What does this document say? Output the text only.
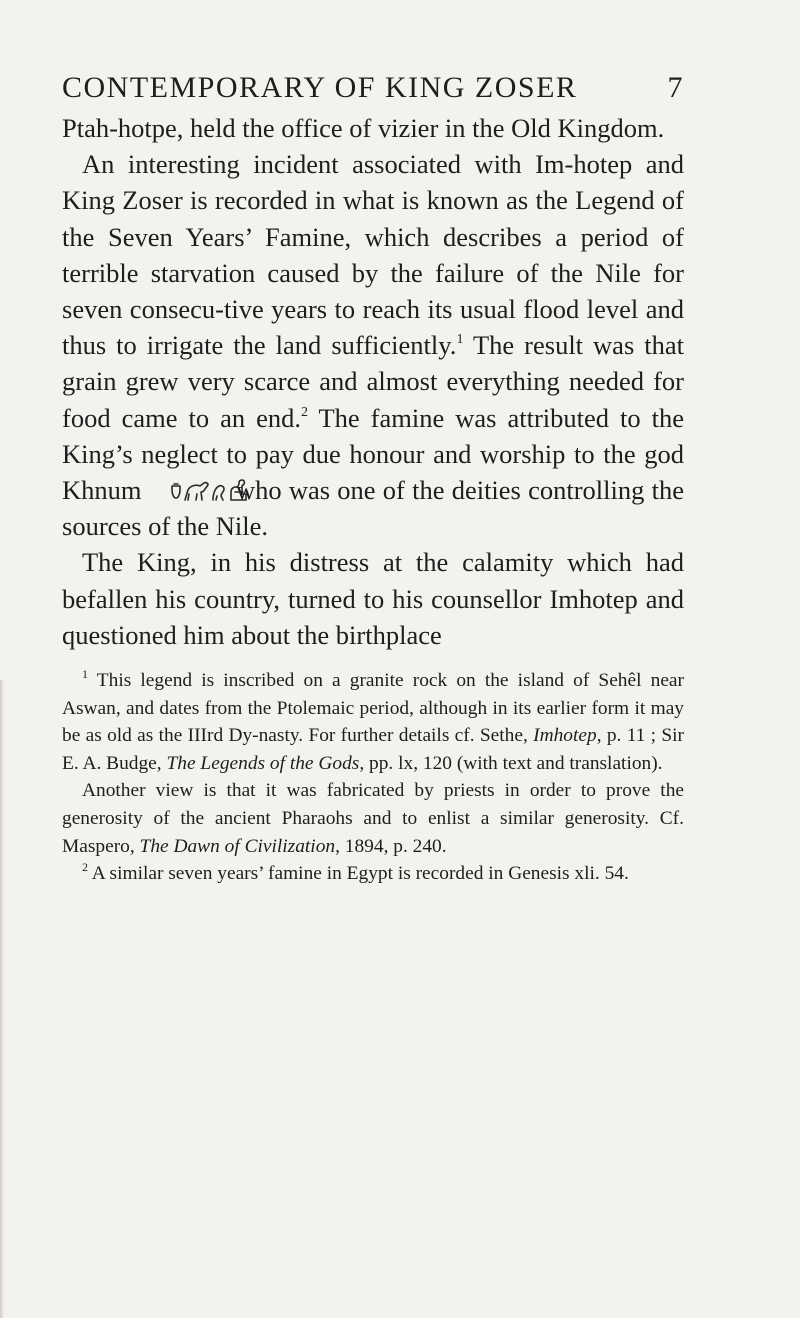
CONTEMPORARY OF KING ZOSER	7

Ptah-hotpe, held the office of vizier in the Old Kingdom.

An interesting incident associated with Im-hotep and King Zoser is recorded in what is known as the Legend of the Seven Years’ Famine, which describes a period of terrible starvation caused by the failure of the Nile for seven consecu-tive years to reach its usual flood level and thus to irrigate the land sufficiently.$^1$ The result was that grain grew very scarce and almost everything needed for food came to an end.$^2$ The famine was attributed to the King’s neglect to pay due honour and worship to the god Khnum	who was one of the deities controlling the sources of the Nile.

The King, in his distress at the calamity which had befallen his country, turned to his counsellor Imhotep and questioned him about the birthplace

$^1$ This legend is inscribed on a granite rock on the island of Sehêl near Aswan, and dates from the Ptolemaic period, although in its earlier form it may be as old as the IIIrd Dy-nasty. For further details cf. Sethe, Imhotep, p. 11 ; Sir E. A. Budge, The Legends of the Gods, pp. lx, 120 (with text and translation).

Another view is that it was fabricated by priests in order to prove the generosity of the ancient Pharaohs and to enlist a similar generosity. Cf. Maspero, The Dawn of Civilization, 1894, p. 240.

$^2$ A similar seven years’ famine in Egypt is recorded in Genesis xli. 54.
